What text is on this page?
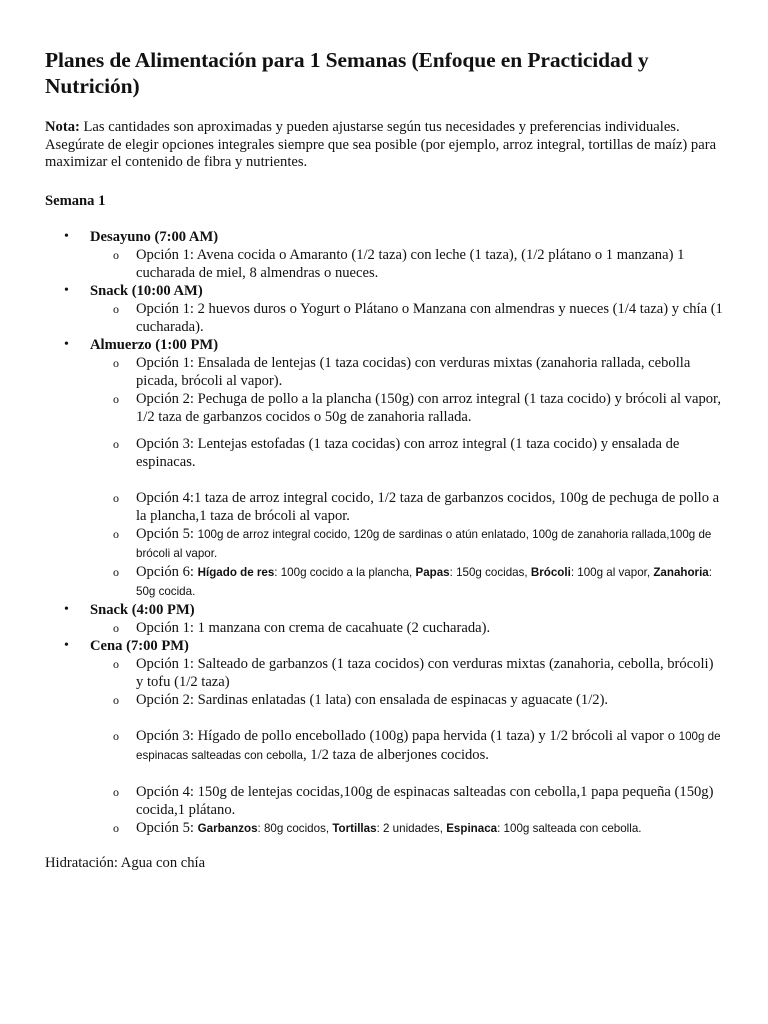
Planes de Alimentación para 1 Semanas (Enfoque en Practicidad y Nutrición)

Nota: Las cantidades son aproximadas y pueden ajustarse según tus necesidades y preferencias individuales. Asegúrate de elegir opciones integrales siempre que sea posible (por ejemplo, arroz integral, tortillas de maíz) para maximizar el contenido de fibra y nutrientes.

Semana 1

• Desayuno (7:00 AM)
o Opción 1: Avena cocida o Amaranto (1/2 taza) con leche (1 taza), (1/2 plátano o 1 manzana) 1 cucharada de miel, 8 almendras o nueces.
• Snack (10:00 AM)
o Opción 1: 2 huevos duros o Yogurt o Plátano o Manzana con almendras y nueces (1/4 taza) y chía (1 cucharada).
• Almuerzo (1:00 PM)
o Opción 1: Ensalada de lentejas (1 taza cocidas) con verduras mixtas (zanahoria rallada, cebolla picada, brócoli al vapor).
o Opción 2: Pechuga de pollo a la plancha (150g) con arroz integral (1 taza cocido) y brócoli al vapor, 1/2 taza de garbanzos cocidos o 50g de zanahoria rallada.
o Opción 3: Lentejas estofadas (1 taza cocidas) con arroz integral (1 taza cocido) y ensalada de espinacas.
o Opción 4:1 taza de arroz integral cocido, 1/2 taza de garbanzos cocidos, 100g de pechuga de pollo a la plancha,1 taza de brócoli al vapor.
o Opción 5: 100g de arroz integral cocido, 120g de sardinas o atún enlatado, 100g de zanahoria rallada,100g de brócoli al vapor.
o Opción 6: Hígado de res: 100g cocido a la plancha, Papas: 150g cocidas, Brócoli: 100g al vapor, Zanahoria: 50g cocida.
• Snack (4:00 PM)
o Opción 1: 1 manzana con crema de cacahuate (2 cucharada).
• Cena (7:00 PM)
o Opción 1: Salteado de garbanzos (1 taza cocidos) con verduras mixtas (zanahoria, cebolla, brócoli) y tofu (1/2 taza)
o Opción 2: Sardinas enlatadas (1 lata) con ensalada de espinacas y aguacate (1/2).
o Opción 3: Hígado de pollo encebollado (100g) papa hervida (1 taza) y 1/2 brócoli al vapor o 100g de espinacas salteadas con cebolla, 1/2 taza de alberjones cocidos.
o Opción 4: 150g de lentejas cocidas,100g de espinacas salteadas con cebolla,1 papa pequeña (150g) cocida,1 plátano.
o Opción 5: Garbanzos: 80g cocidos, Tortillas: 2 unidades, Espinaca: 100g salteada con cebolla.

Hidratación: Agua con chía
